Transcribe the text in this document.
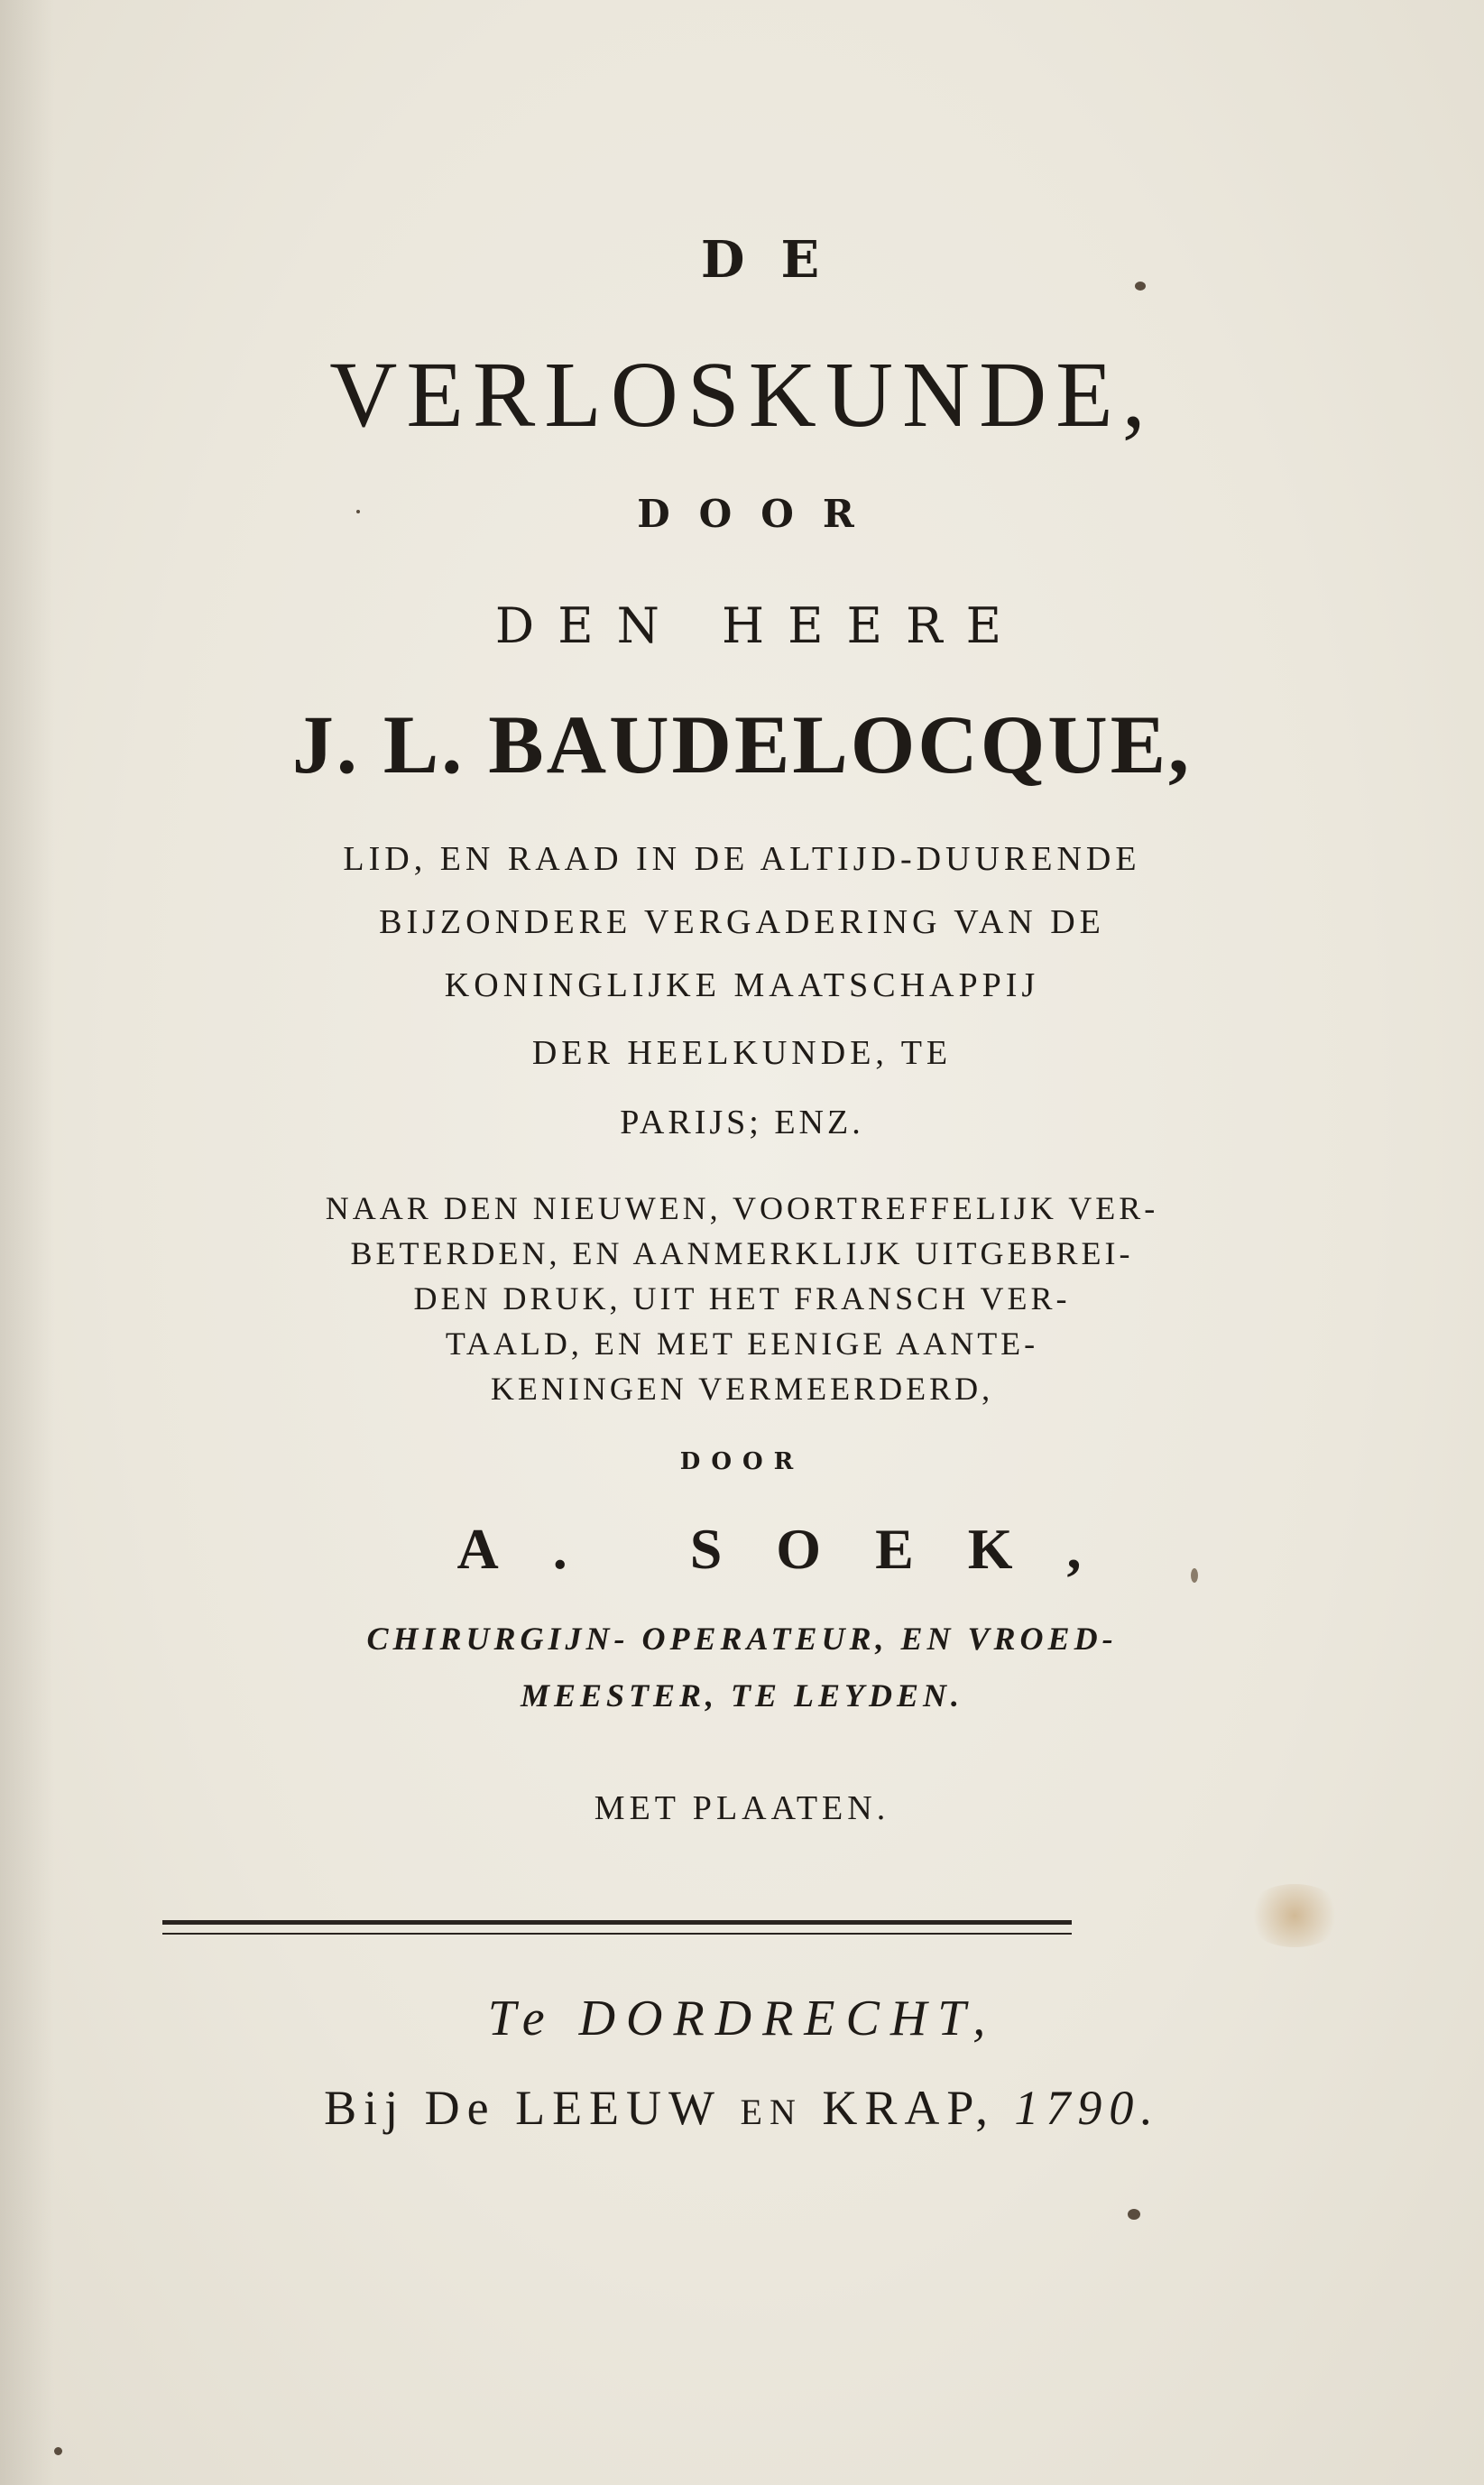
DE
VERLOSKUNDE,
DOOR
DEN HEERE
J. L. BAUDELOCQUE,
LID, EN RAAD IN DE ALTIJD-DUURENDE
BIJZONDERE VERGADERING VAN DE
KONINGLIJKE MAATSCHAPPIJ
DER HEELKUNDE, TE
PARIJS; ENZ.
NAAR DEN NIEUWEN, VOORTREFFELIJK VER-
BETERDEN, EN AANMERKLIJK UITGEBREI-
DEN DRUK, UIT HET FRANSCH VER-
TAALD, EN MET EENIGE AANTE-
KENINGEN VERMEERDERD,
DOOR
A. SOEK,
CHIRURGIJN- OPERATEUR, EN VROED-
MEESTER, TE LEYDEN.
MET PLAATEN.
Te DORDRECHT,
Bij De LEEUW EN KRAP, 1790.
